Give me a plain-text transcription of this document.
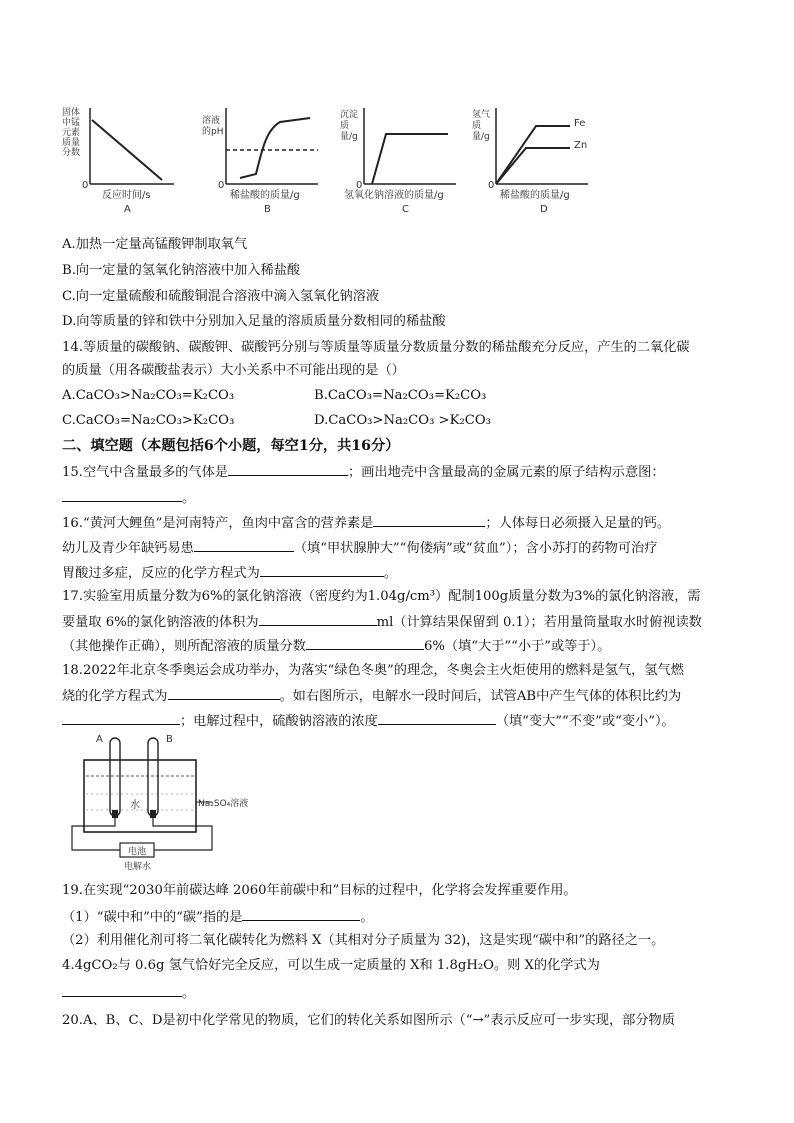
固体中锰元素质量分数
0
反应时间/s
A
溶液的pH
0
稀盐酸的质量/g
B
沉淀质量/g
0
氢氧化钠溶液的质量/g
C
氢气质量/g
Fe
Zn
0
稀盐酸的质量/g
D
A.加热一定量高锰酸钾制取氧气
B.向一定量的氢氧化钠溶液中加入稀盐酸
C.向一定量硫酸和硫酸铜混合溶液中滴入氢氧化钠溶液
D.向等质量的锌和铁中分别加入足量的溶质质量分数相同的稀盐酸
14.等质量的碳酸钠、碳酸钾、碳酸钙分别与等质量等质量分数质量分数的稀盐酸充分反应，产生的二氧化碳
的质量（用各碳酸盐表示）大小关系中不可能出现的是（）
A.CaCO₃>Na₂CO₃=K₂CO₃	B.CaCO₃=Na₂CO₃=K₂CO₃
C.CaCO₃=Na₂CO₃>K₂CO₃	D.CaCO₃>Na₂CO₃ >K₂CO₃
二、填空题（本题包括6个小题，每空1分，共16分）
15.空气中含量最多的气体是	；画出地壳中含量最高的金属元素的原子结构示意图：
。
16.“黄河大鲤鱼”是河南特产，鱼肉中富含的营养素是	；人体每日必须摄入足量的钙。
幼儿及青少年缺钙易患	（填“甲状腺肿大”“佝偻病”或“贫血”）；含小苏打的药物可治疗
胃酸过多症，反应的化学方程式为	。
17.实验室用质量分数为6%的氯化钠溶液（密度约为1.04g/cm³）配制100g质量分数为3%的氯化钠溶液，需
要量取 6%的氯化钠溶液的体积为	ml（计算结果保留到 0.1）；若用量筒量取水时俯视读数
（其他操作正确），则所配溶液的质量分数	6%（填“大于”“小于”或等于）。
18.2022年北京冬季奥运会成功举办，为落实“绿色冬奥”的理念，冬奥会主火炬使用的燃料是氢气，氢气燃
烧的化学方程式为	。如右图所示，电解水一段时间后，试管AB中产生气体的体积比约为
；电解过程中，硫酸钠溶液的浓度	（填“变大”“不变”或“变小”）。
A	B
水	Na₂SO₄溶液
电池
电解水
19.在实现“2030年前碳达峰 2060年前碳中和”目标的过程中，化学将会发挥重要作用。
（1）“碳中和”中的“碳”指的是	。
（2）利用催化剂可将二氧化碳转化为燃料 X（其相对分子质量为 32)，这是实现“碳中和”的路径之一。
4.4gCO₂与 0.6g 氢气恰好完全反应，可以生成一定质量的 X和 1.8gH₂O。则 X的化学式为
。
20.A、B、C、D是初中化学常见的物质，它们的转化关系如图所示（“→”表示反应可一步实现，部分物质
